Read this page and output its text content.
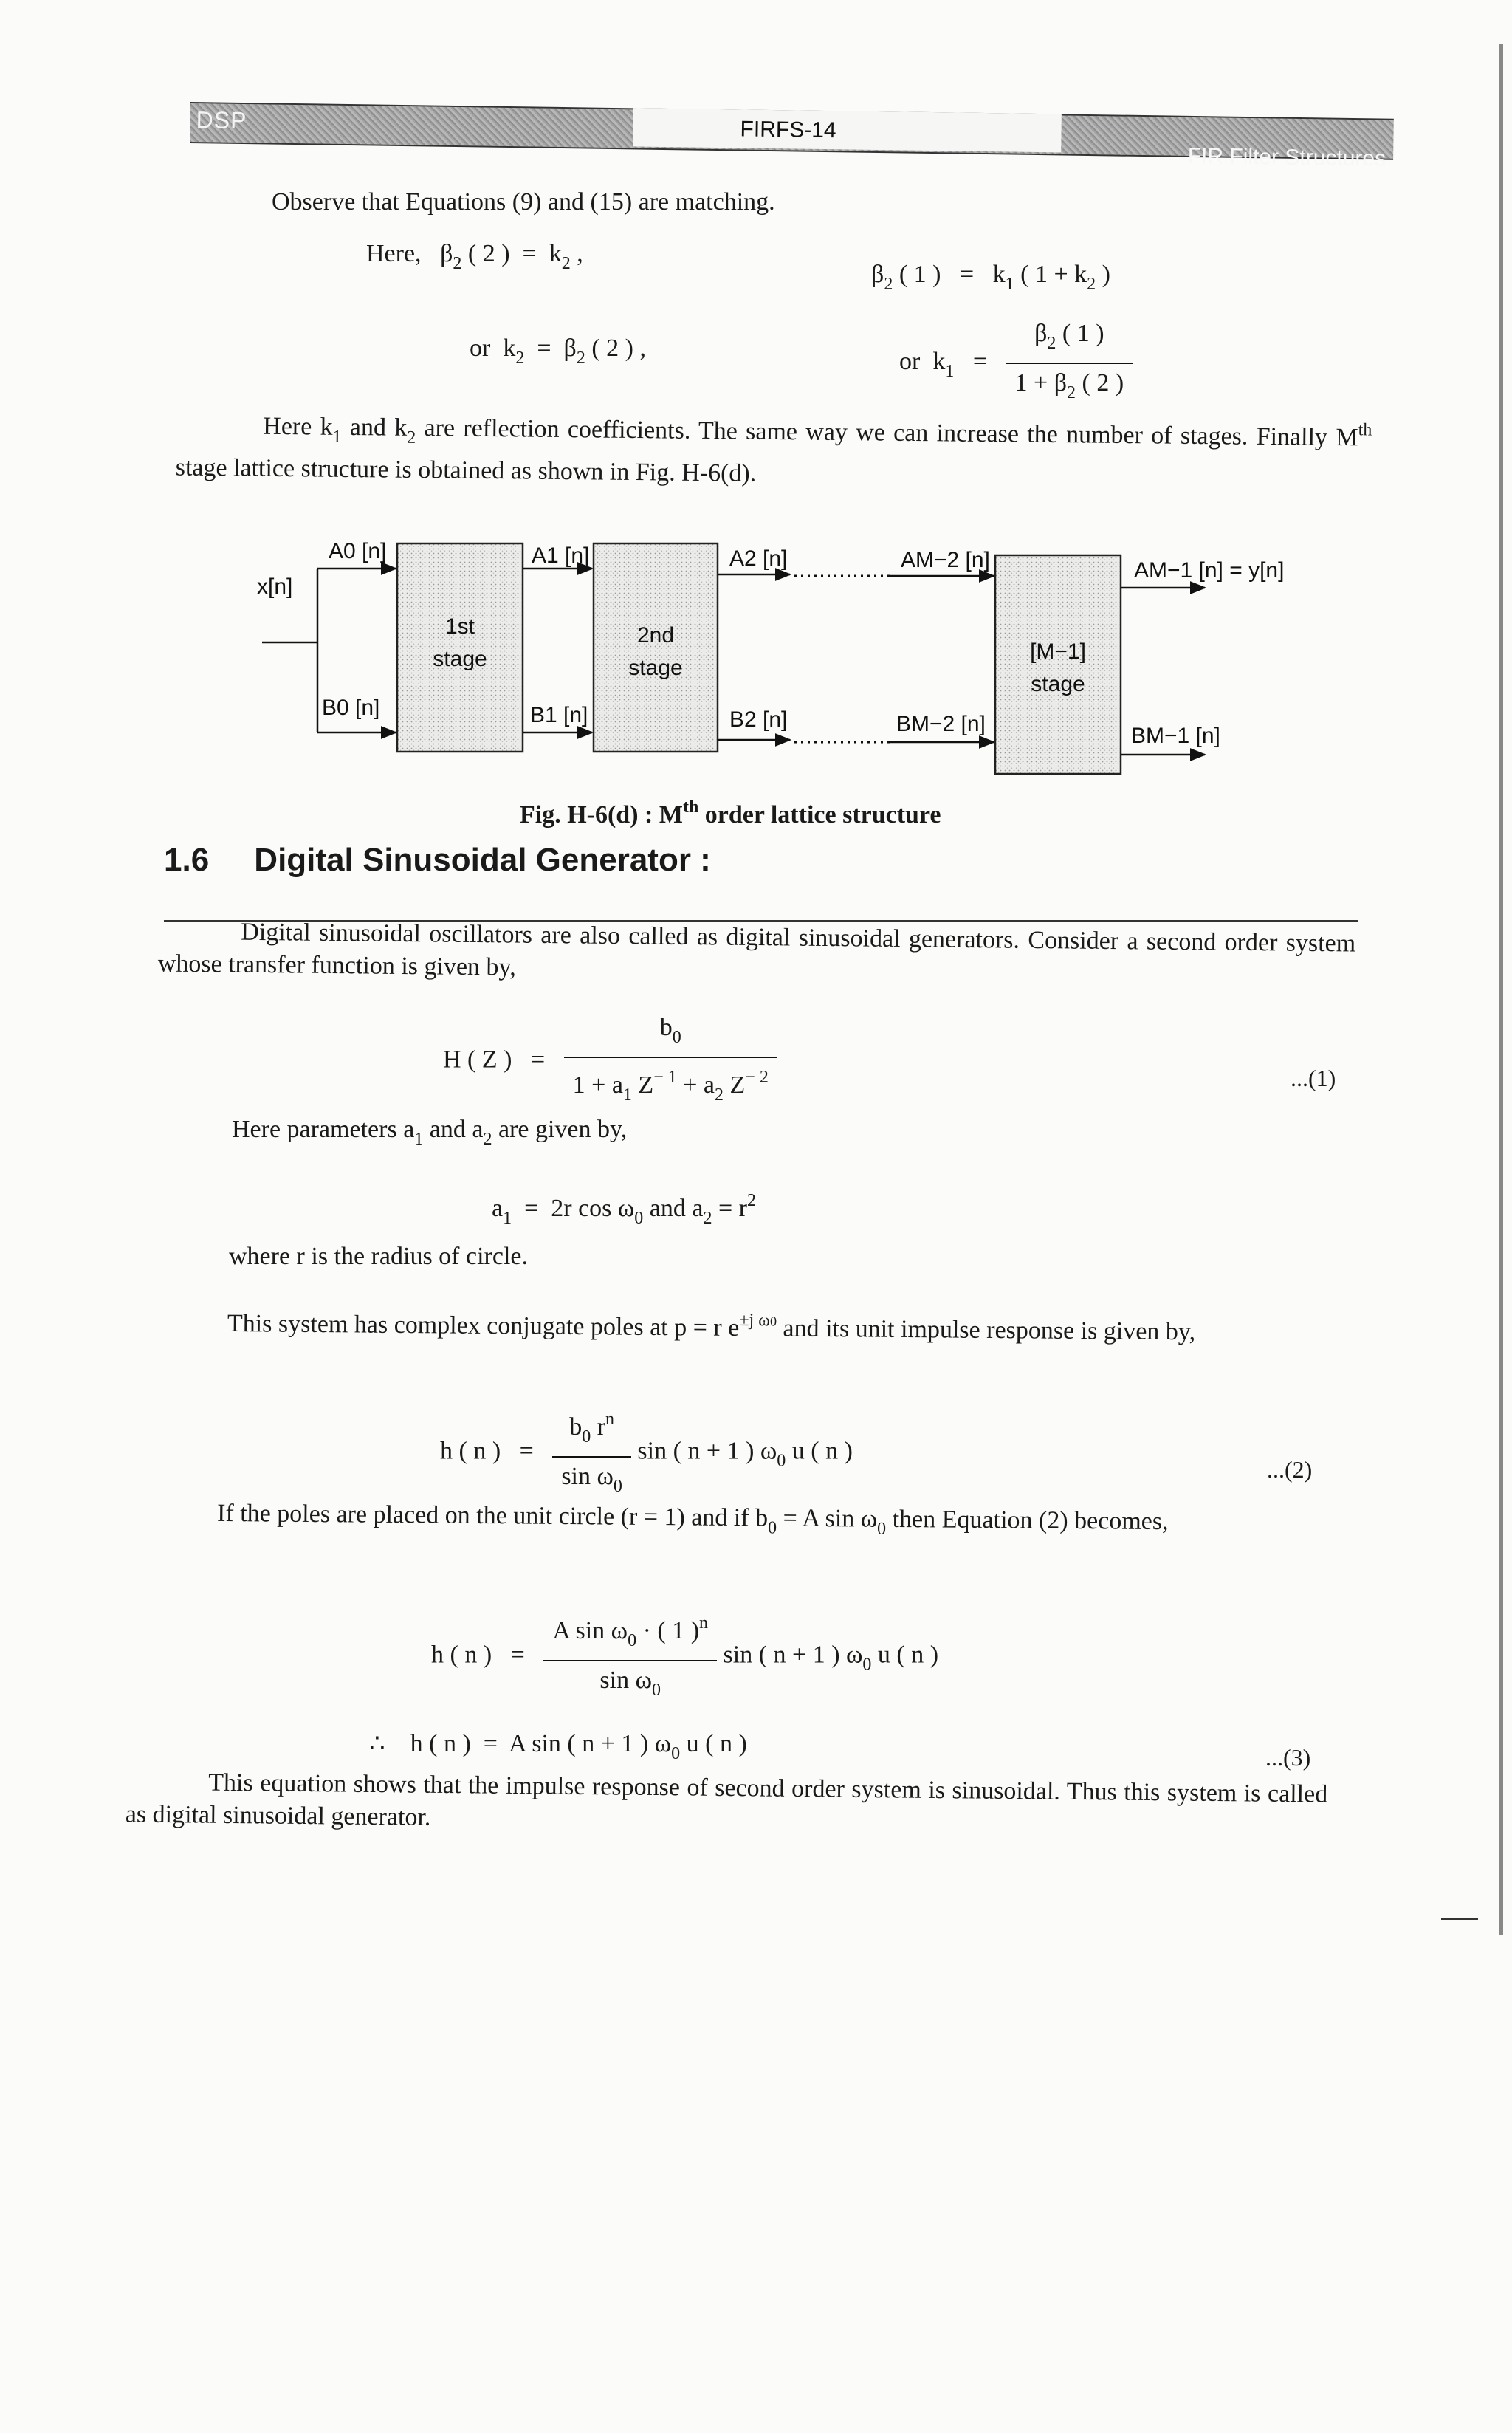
DSP	FIRFS-14
FIR Filter Structures
Observe that Equations (9) and (15) are matching.
Here,   $\beta_2$ ( 2 )  =  $k_2$ ,
$\beta_2$ ( 1 )   =   $k_1$ ( $1 + k_2$ )
or  $k_2 = \beta_2$ ( 2 ) ,	or  $k_1 = \frac{\beta_2 ( 1 )}{1 + \beta_2 ( 2 )}$
Here $k_1$ and $k_2$ are reflection coefficients. The same way we can increase the number of stages. Finally Mth stage lattice structure is obtained as shown in Fig. H-6(d).
x[n]
1st
stage
2nd
stage
[M−1]
stage
A0 [n]	A1 [n]	A2 [n]	AM−2 [n]	AM−1 [n] = y[n]
B0 [n]	B1 [n]	B2 [n]	BM−2 [n]	BM−1 [n]
Fig. H-6(d) : Mth order lattice structure
1.6 Digital Sinusoidal Generator :
Digital sinusoidal oscillators are also called as digital sinusoidal generators. Consider a second order system whose transfer function is given by,
H ( Z )   = $\frac{b_0}{1 + a_1 Z^{- 1} + a_2 Z^{- 2}}$	...(1)
Here parameters $a_1$ and $a_2$ are given by,
$a_1 = 2r$ $\cos \omega_0$ and $a_2 = r^2$
where r is the radius of circle.
This system has complex conjugate poles at p = r $e^{\pm j \omega 0}$ and its unit impulse response is given by,
h ( n )   = $\frac{b_0 r^n}{\sin \omega_0}$ sin ( n + 1 ) $\omega_0$ u ( n )
...(2)
If the poles are placed on the unit circle (r = 1) and if $b_0 = A$ $\sin \omega_0$ then Equation (2) becomes,
h ( n )   = $\frac{A \sin \omega_0 \cdot ( 1 )^n}{\sin \omega_0}$ sin ( n + 1 ) $\omega_0$ u ( n )
∴    h ( n )  =  A sin ( n + 1 ) $\omega_0$ u ( n )	...(3)
This equation shows that the impulse response of second order system is sinusoidal. Thus this system is called as digital sinusoidal generator.
